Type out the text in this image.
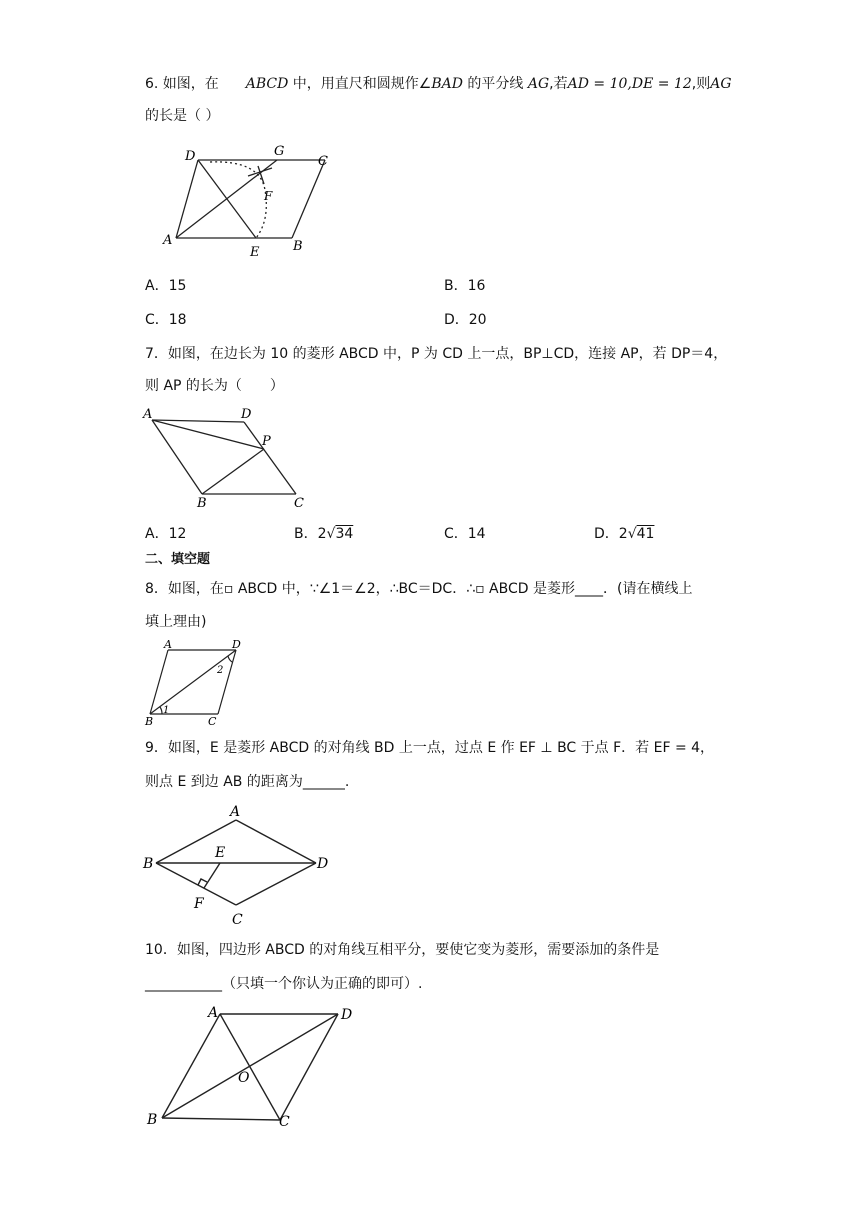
6. 如图，在 ABCD 中，用直尺和圆规作∠BAD 的平分线 AG,若AD = 10,DE = 12,则AG
的长是（ ）
D	G
C
F
A
E	B
A．15	B．16
C．18	D．20
7．如图，在边长为 10 的菱形 ABCD 中，P 为 CD 上一点，BP⊥CD，连接 AP，若 DP＝4，
则 AP 的长为（　　）
A	D
P
B	C
A．12	B．2√34	C．14	D．2√41
二、填空题
8．如图，在▫ ABCD 中，∵∠1＝∠2，∴BC＝DC．∴▫ ABCD 是菱形____．(请在横线上
填上理由)
A	D
B	C
1
2
9．如图，E 是菱形 ABCD 的对角线 BD 上一点，过点 E 作 EF ⊥ BC 于点 F．若 EF = 4，
则点 E 到边 AB 的距离为______.
A
B
E
D
F
C
10．如图，四边形 ABCD 的对角线互相平分，要使它变为菱形，需要添加的条件是
___________（只填一个你认为正确的即可）.
A	D
O
B	C
